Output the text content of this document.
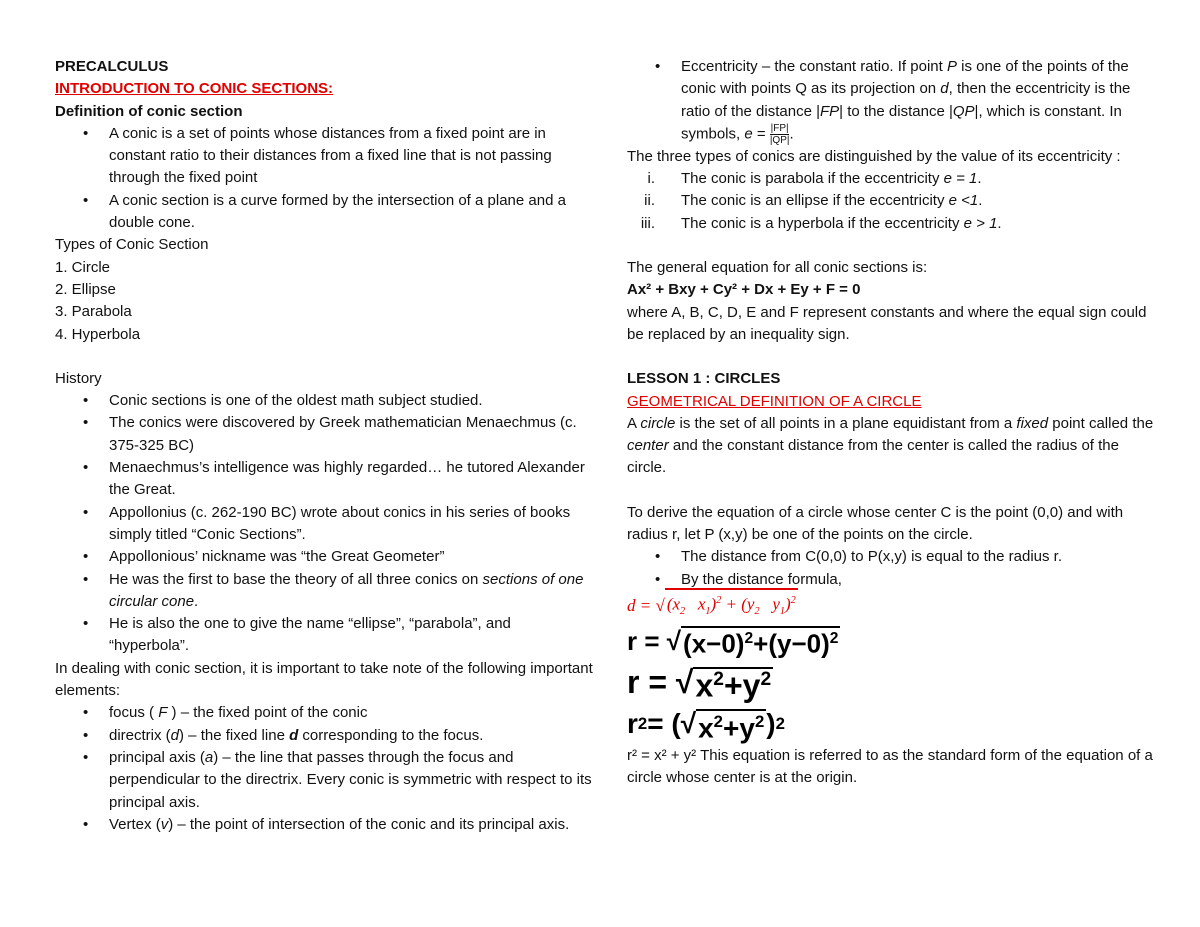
PRECALCULUS

INTRODUCTION TO CONIC SECTIONS:

Definition of conic section

• A conic is a set of points whose distances from a fixed point are in constant ratio to their distances from a fixed line that is not passing through the fixed point
• A conic section is a curve formed by the intersection of a plane and a double cone.

Types of Conic Section

1. Circle

2. Ellipse

3. Parabola

4. Hyperbola

History

• Conic sections is one of the oldest math subject studied.
• The conics were discovered by Greek mathematician Menaechmus (c. 375-325 BC)
• Menaechmus’s intelligence was highly regarded… he tutored Alexander the Great.
• Appollonius (c. 262-190 BC) wrote about conics in his series of books simply titled “Conic Sections”.
• Appollonious’ nickname was “the Great Geometer”
• He was the first to base the theory of all three conics on sections of one circular cone.
• He is also the one to give the name “ellipse”, “parabola”, and “hyperbola”.

In dealing with conic section, it is important to take note of the following important elements:

• focus ( F ) – the fixed point of the conic
• directrix (d) – the fixed line d corresponding to the focus.
• principal axis (a) – the line that passes through the focus and perpendicular to the directrix. Every conic is symmetric with respect to its principal axis.
• Vertex (v) – the point of intersection of the conic and its principal axis.
• Eccentricity – the constant ratio. If point P is one of the points of the conic with points Q as its projection on d, then the eccentricity is the ratio of the distance |FP| to the distance |QP|, which is constant. In symbols, $e = \frac{|FP|}{|QP|}$ .

The three types of conics are distinguished by the value of its eccentricity :

i. The conic is parabola if the eccentricity e = 1.
ii. The conic is an ellipse if the eccentricity e <1.
iii. The conic is a hyperbola if the eccentricity e > 1.

The general equation for all conic sections is:

Ax² + Bxy + Cy² + Dx + Ey + F = 0

where A, B, C, D, E and F represent constants and where the equal sign could be replaced by an inequality sign.

LESSON 1 : CIRCLES

GEOMETRICAL DEFINITION OF A CIRCLE

A circle is the set of all points in a plane equidistant from a fixed point called the center and the constant distance from the center is called the radius of the circle.

To derive the equation of a circle whose center C is the point (0,0) and with radius r, let P (x,y) be one of the points on the circle.

• The distance from C(0,0) to P(x,y) is equal to the radius r.
• By the distance formula,
d = √ ($x_2$   $x_1)^2 + (y_2$   $y_1)^2$
r = √ $(x-0)^2+(y-0)^2$
r = √ $x^2+y^2$
r 2 = (√ $x^2+y^2$ ) 2

r² = x² + y² This equation is referred to as the standard form of the equation of a circle whose center is at the origin.
